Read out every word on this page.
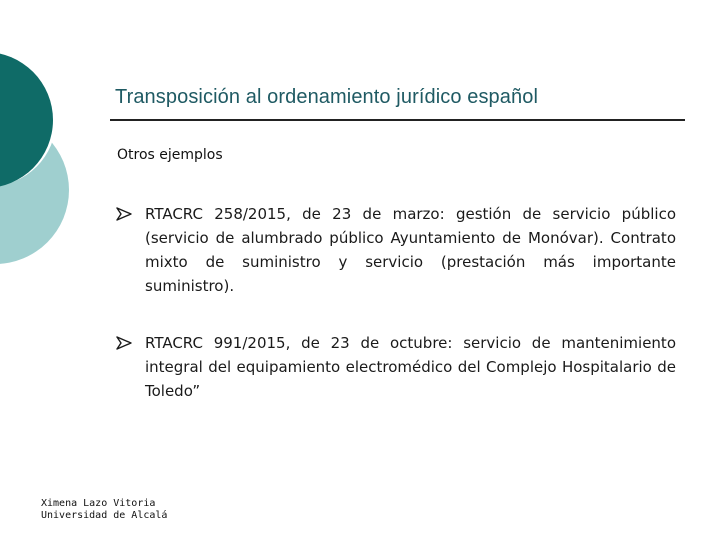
Transposición al ordenamiento jurídico español
Otros ejemplos
RTACRC 258/2015, de 23 de marzo: gestión de servicio público (servicio de alumbrado público Ayuntamiento de Monóvar). Contrato mixto de suministro y servicio (prestación más importante suministro).
RTACRC 991/2015, de 23 de octubre: servicio de mantenimiento integral del equipamiento electromédico del Complejo Hospitalario de Toledo”
Ximena Lazo Vitoria
Universidad de Alcalá
